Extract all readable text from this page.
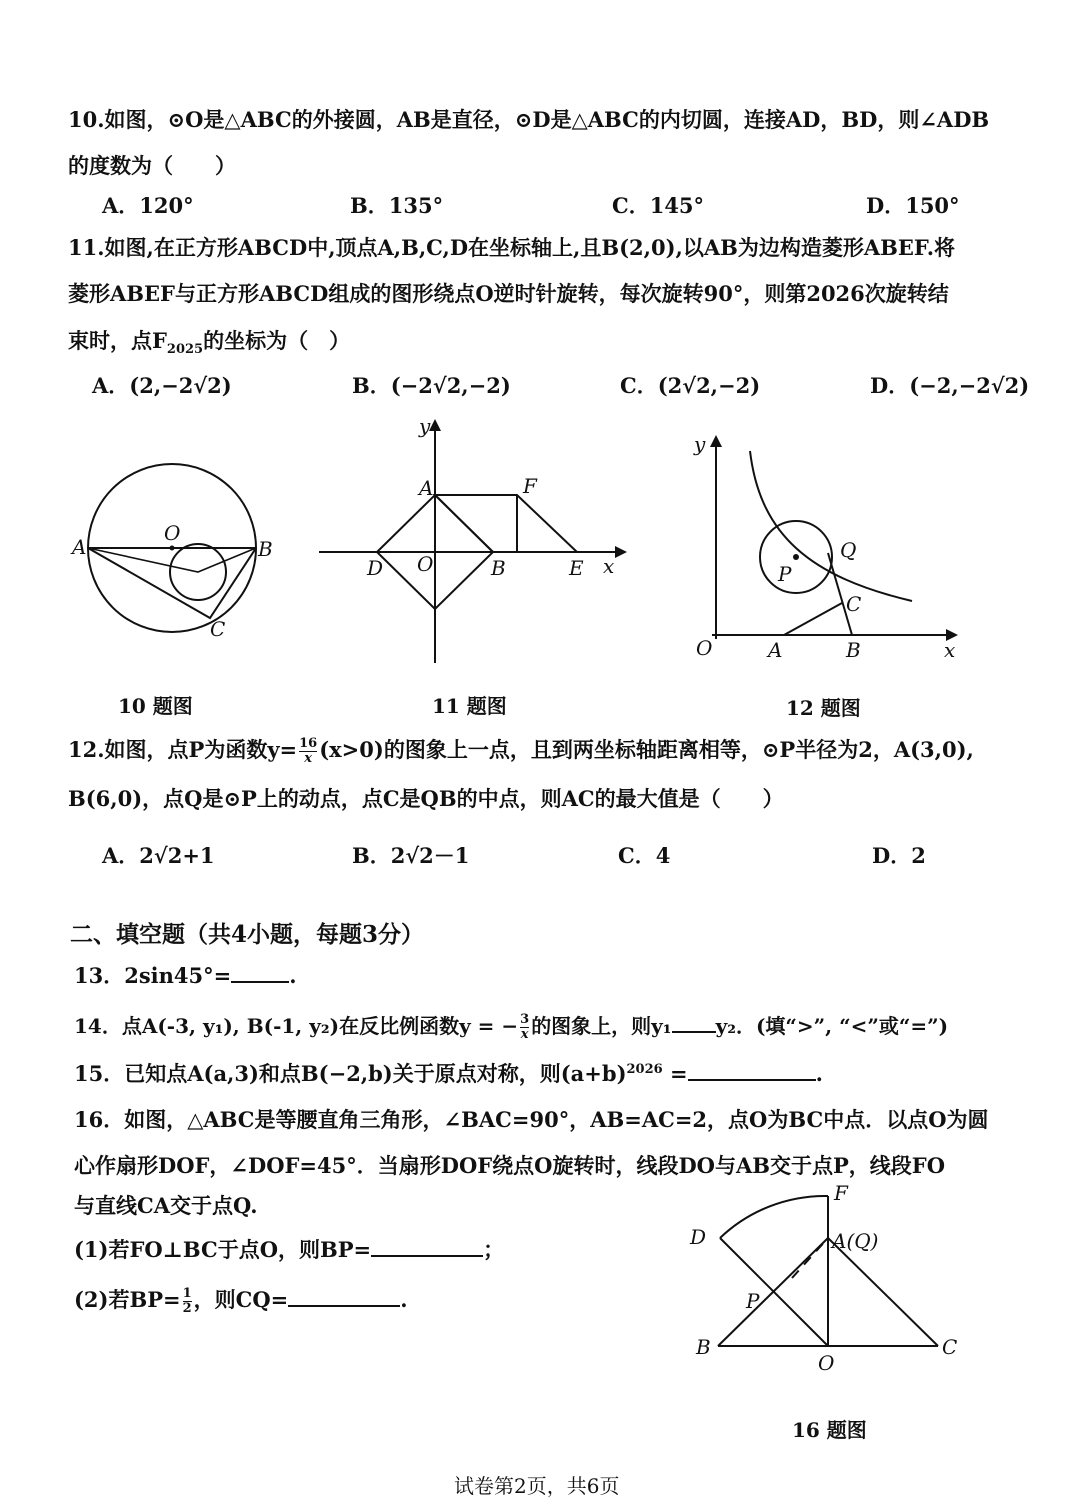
10.如图，⊙O是△ABC的外接圆，AB是直径，⊙D是△ABC的内切圆，连接AD，BD，则∠ADB
的度数为（　　）
A．120°	B．135°	C．145°	D．150°
11.如图,在正方形ABCD中,顶点A,B,C,D在坐标轴上,且B(2,0),以AB为边构造菱形ABEF.将
菱形ABEF与正方形ABCD组成的图形绕点O逆时针旋转，每次旋转90°，则第2026次旋转结
束时，点$F_{2025}$的坐标为（　）
A．(2,−2√2)	B．(−2√2,−2)	C．(2√2,−2)	D．(−2,−2√2)
A
O
B
C
y
A	F
D O	B	E x
y
Q
P
C
O	A	B	x
10 题图	11 题图	12 题图
12.如图，点P为函数$y= \frac{16}{x} (x>0)$的图象上一点，且到两坐标轴距离相等，⊙P半径为2，A(3,0),
B(6,0)，点Q是⊙P上的动点，点C是QB的中点，则AC的最大值是（　　）
A．2√2+1	B．2√2－1	C．4	D．2
二、填空题（共4小题，每题3分）
13．2sin45°=	.
14．点A(-3, y₁), B(-1, y₂)在反比例函数y = − $\frac{3}{x}$ 的图象上，则y₁ y₂．(填“>”, “<”或“=”)
15．已知点A(a,3)和点B(−2,b)关于原点对称，则$(a+b)^{2026}$ =	.
16．如图，△ABC是等腰直角三角形，∠BAC=90°，AB=AC=2，点O为BC中点．以点O为圆
心作扇形DOF，∠DOF=45°．当扇形DOF绕点O旋转时，线段DO与AB交于点P，线段FO
与直线CA交于点Q.
(1)若FO⊥BC于点O，则BP=	；
(2)若$BP= \frac{1}{2}$ ，则CQ=	.
F
D	A(Q)
P
B
O
C
16 题图
试卷第2页，共6页
